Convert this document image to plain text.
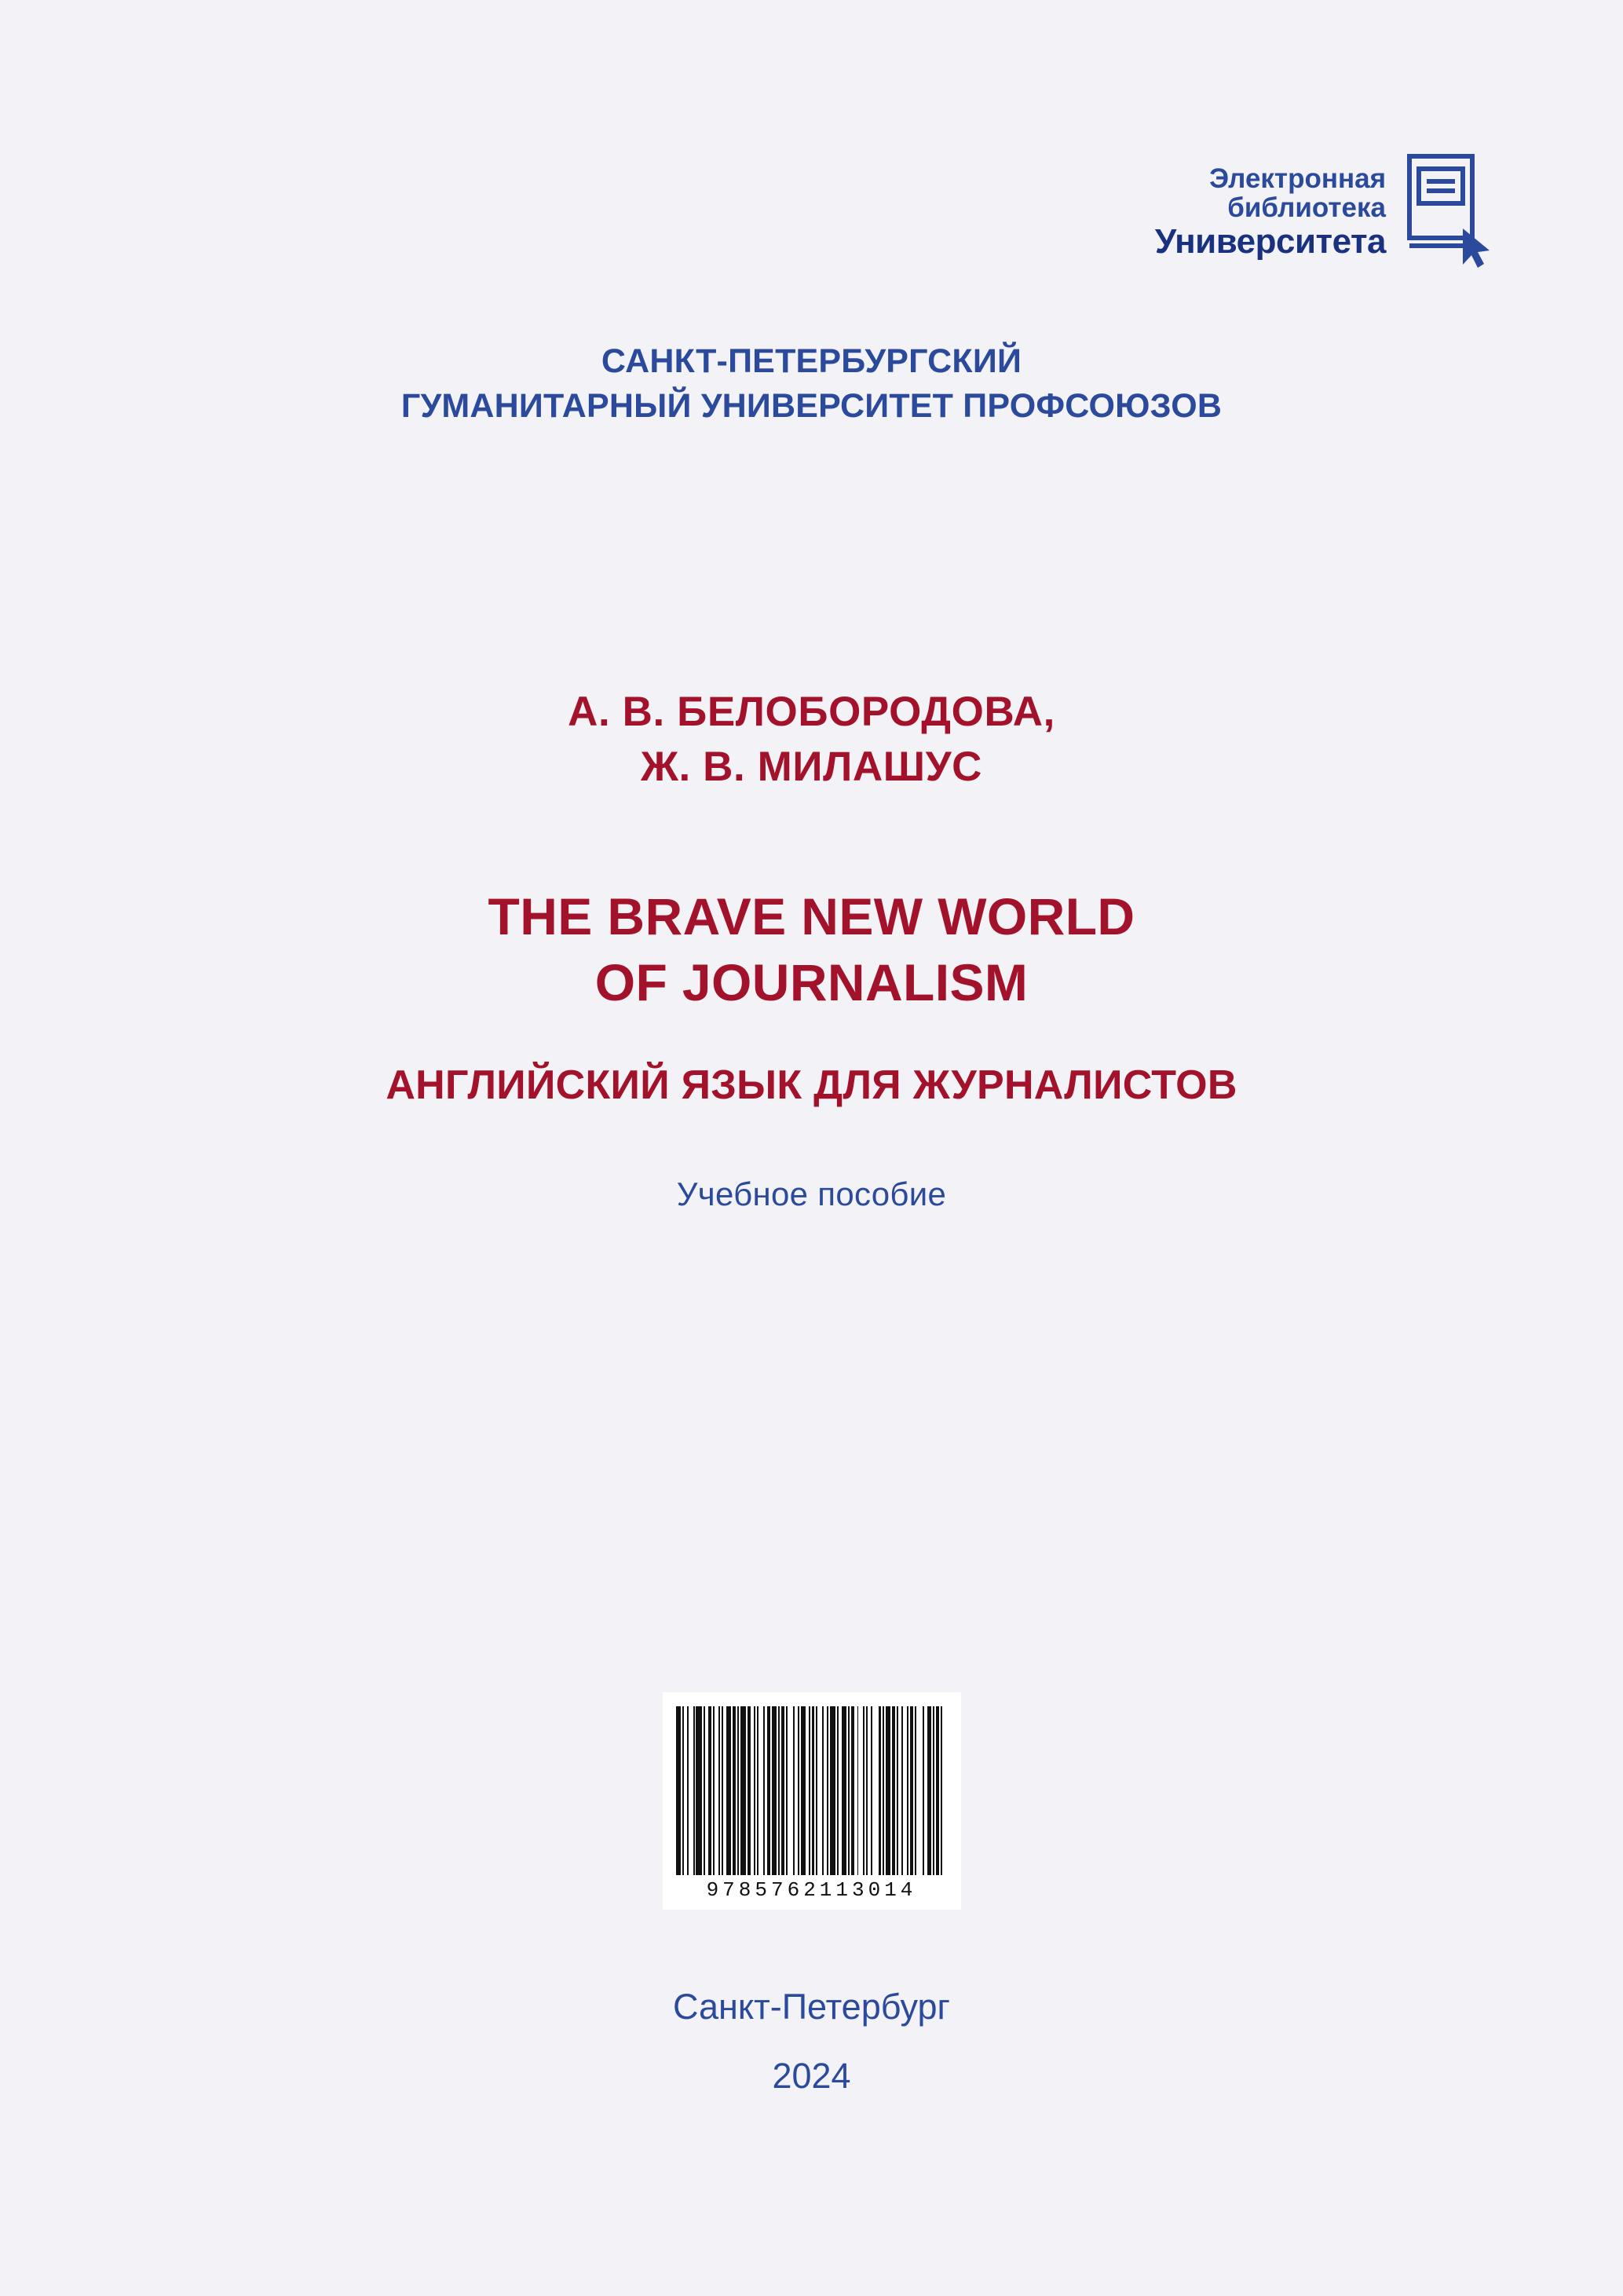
Электронная
библиотека
Университета
САНКТ-ПЕТЕРБУРГСКИЙ
ГУМАНИТАРНЫЙ УНИВЕРСИТЕТ ПРОФСОЮЗОВ
А. В. БЕЛОБОРОДОВА,
Ж. В. МИЛАШУС
THE BRAVE NEW WORLD
OF JOURNALISM
АНГЛИЙСКИЙ ЯЗЫК ДЛЯ ЖУРНАЛИСТОВ
Учебное пособие
9785762113014
Санкт-Петербург
2024
